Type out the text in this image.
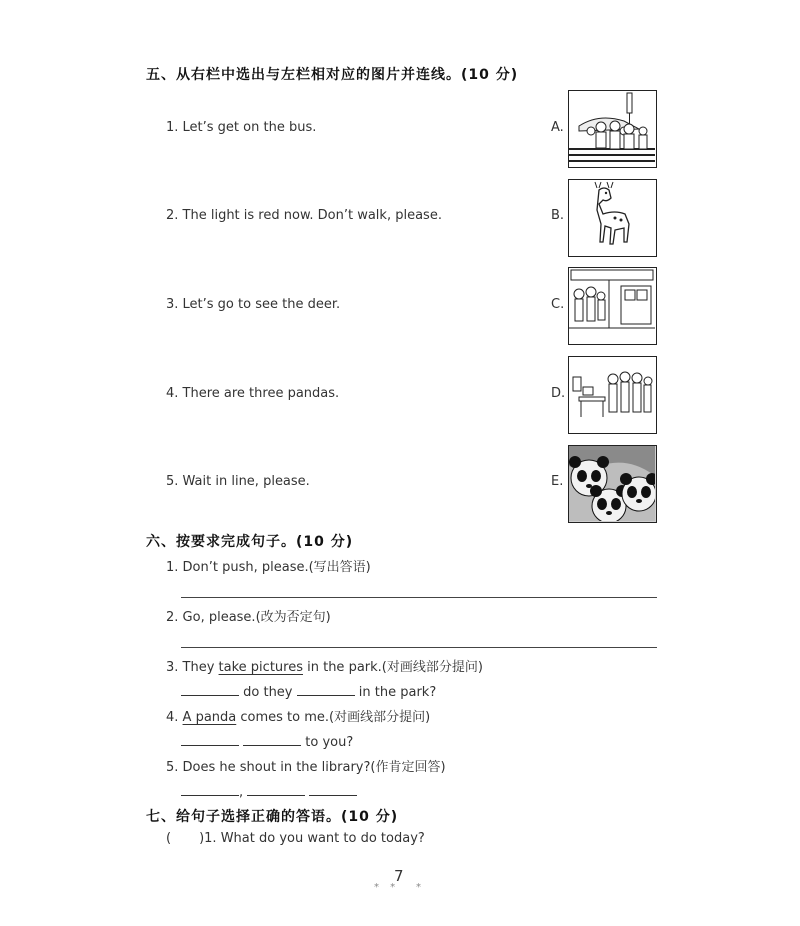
五、从右栏中选出与左栏相对应的图片并连线。(10 分)
1. Let’s get on the bus.
2. The light is red now. Don’t walk, please.
3. Let’s go to see the deer.
4. There are three pandas.
5. Wait in line, please.
A.
B.
C.
D.
E.
六、按要求完成句子。(10 分)
1. Don’t push, please.(写出答语)
2. Go, please.(改为否定句)
3. They take pictures in the park.(对画线部分提问)
do they	in the park?
4. A panda comes to me.(对画线部分提问)
to you?
5. Does he shout in the library?(作肯定回答)
,
七、给句子选择正确的答语。(10 分)
( )1. What do you want to do today?
7
* * *
